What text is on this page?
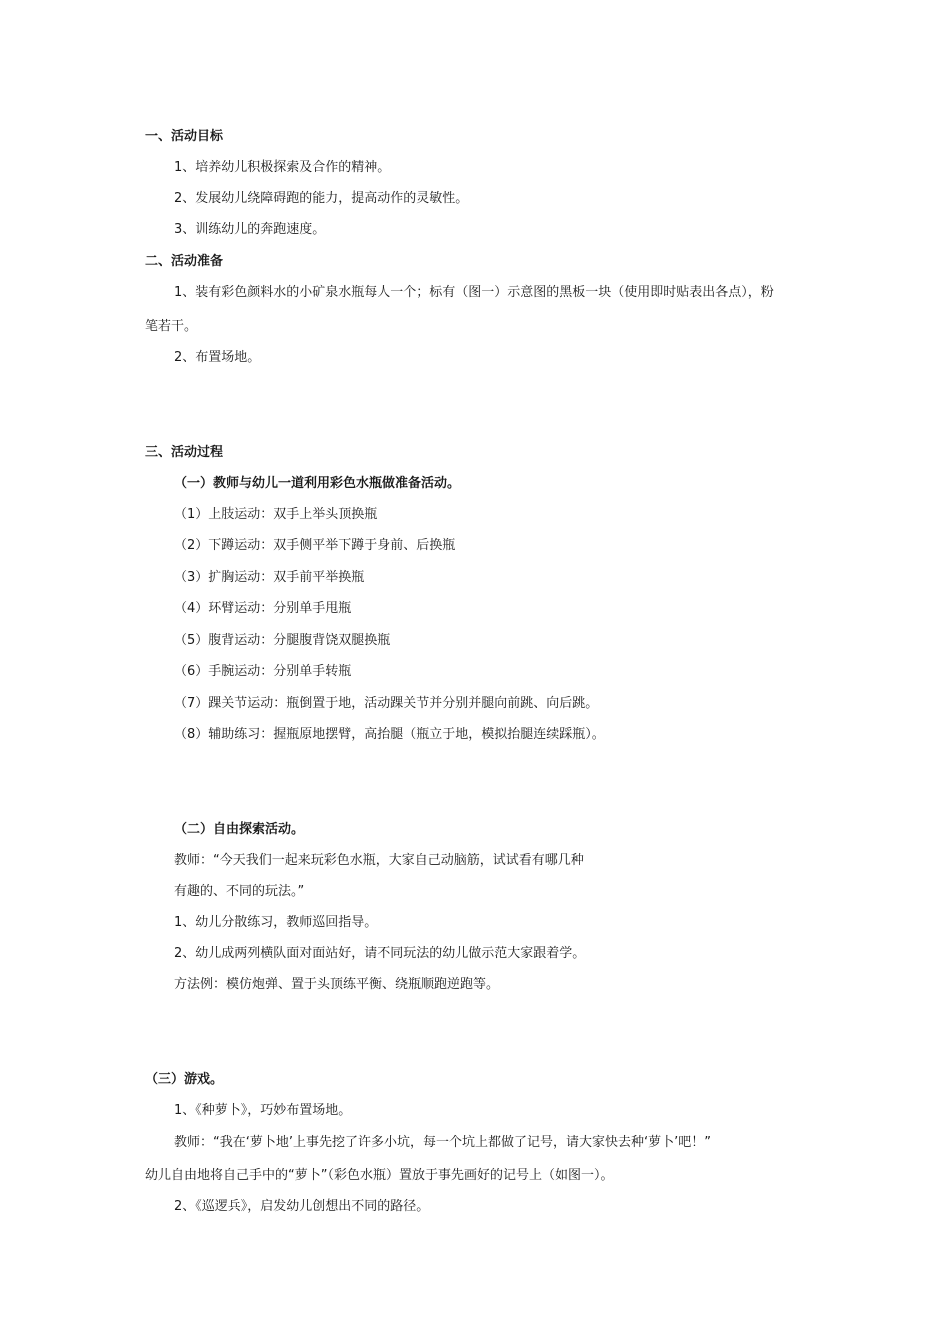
一、活动目标
1、培养幼儿积极探索及合作的精神。
2、发展幼儿绕障碍跑的能力，提高动作的灵敏性。
3、训练幼儿的奔跑速度。
二、活动准备
1、装有彩色颜料水的小矿泉水瓶每人一个；标有（图一）示意图的黑板一块（使用即时贴表出各点），粉
笔若干。
2、布置场地。
三、活动过程
（一）教师与幼儿一道利用彩色水瓶做准备活动。
（1）上肢运动：双手上举头顶换瓶
（2）下蹲运动：双手侧平举下蹲于身前、后换瓶
（3）扩胸运动：双手前平举换瓶
（4）环臂运动：分别单手甩瓶
（5）腹背运动：分腿腹背饶双腿换瓶
（6）手腕运动：分别单手转瓶
（7）踝关节运动：瓶倒置于地，活动踝关节并分别并腿向前跳、向后跳。
（8）辅助练习：握瓶原地摆臂，高抬腿（瓶立于地，模拟抬腿连续踩瓶）。
（二）自由探索活动。
教师：“今天我们一起来玩彩色水瓶，大家自己动脑筋，试试看有哪几种
有趣的、不同的玩法。”
1、幼儿分散练习，教师巡回指导。
2、幼儿成两列横队面对面站好，请不同玩法的幼儿做示范大家跟着学。
方法例：模仿炮弹、置于头顶练平衡、绕瓶顺跑逆跑等。
（三）游戏。
1、《种萝卜》，巧妙布置场地。
教师：“我在‘萝卜地’上事先挖了许多小坑，每一个坑上都做了记号，请大家快去种‘萝卜’吧！”
幼儿自由地将自己手中的“萝卜”（彩色水瓶）置放于事先画好的记号上（如图一）。
2、《巡逻兵》，启发幼儿创想出不同的路径。
